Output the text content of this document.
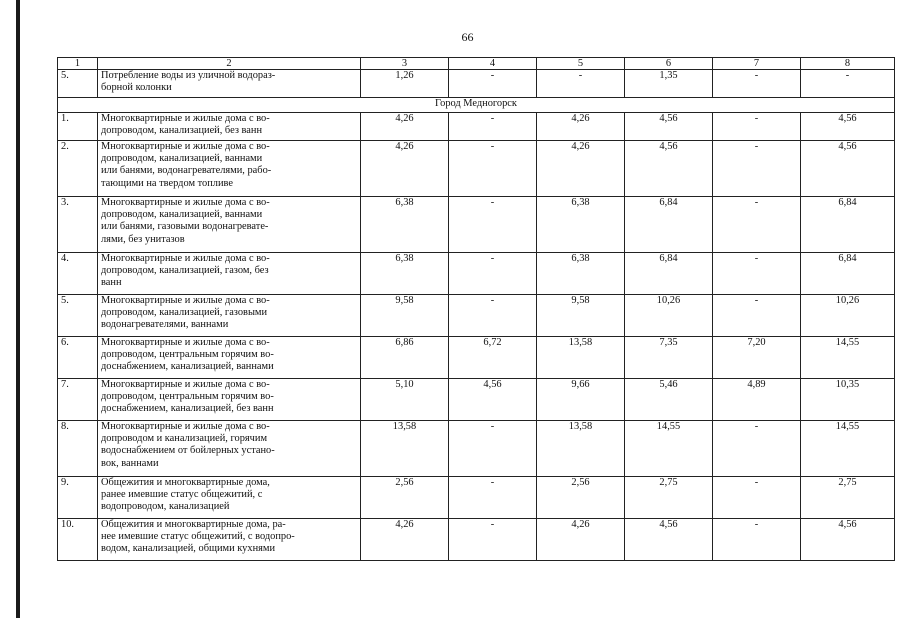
66
1	2	3	4	5	6	7	8
5.	Потребление воды из уличной водораз-
борной колонки	1,26	-	-	1,35	-	-
Город Медногорск							
1.	Многоквартирные и жилые дома с во-
допроводом, канализацией, без ванн	4,26	-	4,26	4,56	-	4,56
2.	Многоквартирные и жилые дома с во-
допроводом, канализацией, ваннами
или банями, водонагревателями, рабо-
тающими на твердом топливе	4,26	-	4,26	4,56	-	4,56
3.	Многоквартирные и жилые дома с во-
допроводом, канализацией, ваннами
или банями, газовыми водонагревате-
лями, без унитазов	6,38	-	6,38	6,84	-	6,84
4.	Многоквартирные и жилые дома с во-
допроводом, канализацией, газом, без
ванн	6,38	-	6,38	6,84	-	6,84
5.	Многоквартирные и жилые дома с во-
допроводом, канализацией, газовыми
водонагревателями, ваннами	9,58	-	9,58	10,26	-	10,26
6.	Многоквартирные и жилые дома с во-
допроводом, центральным горячим во-
доснабжением, канализацией, ваннами	6,86	6,72	13,58	7,35	7,20	14,55
7.	Многоквартирные и жилые дома с во-
допроводом, центральным горячим во-
доснабжением, канализацией, без ванн	5,10	4,56	9,66	5,46	4,89	10,35
8.	Многоквартирные и жилые дома с во-
допроводом и канализацией, горячим
водоснабжением от бойлерных устано-
вок, ваннами	13,58	-	13,58	14,55	-	14,55
9.	Общежития и многоквартирные дома,
ранее имевшие статус общежитий, с
водопроводом, канализацией	2,56	-	2,56	2,75	-	2,75
10.	Общежития и многоквартирные дома, ра-
нее имевшие статус общежитий, с водопро-
водом, канализацией, общими кухнями	4,26	-	4,26	4,56	-	4,56
